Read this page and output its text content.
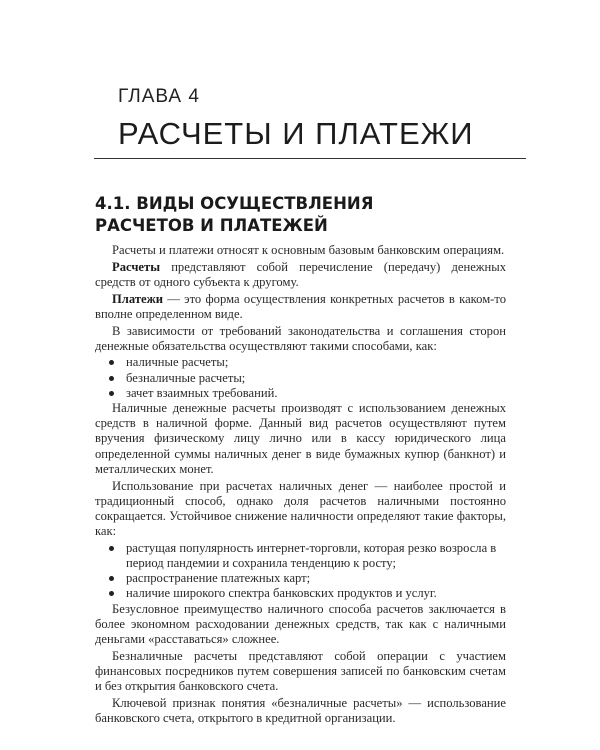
ГЛАВА 4
РАСЧЕТЫ И ПЛАТЕЖИ
4.1. ВИДЫ ОСУЩЕСТВЛЕНИЯ
РАСЧЕТОВ И ПЛАТЕЖЕЙ

Расчеты и платежи относят к основным базовым банковским операциям.

Расчеты представляют собой перечисление (передачу) денежных средств от одного субъекта к другому.

Платежи — это форма осуществления конкретных расчетов в каком-то вполне определенном виде.

В зависимости от требований законодательства и соглашения сторон денежные обязательства осуществляют такими способами, как:

наличные расчеты;
безналичные расчеты;
зачет взаимных требований.

Наличные денежные расчеты производят с использованием денежных средств в наличной форме. Данный вид расчетов осуществляют путем вручения физическому лицу лично или в кассу юридического лица определенной суммы наличных денег в виде бумажных купюр (банкнот) и металлических монет.

Использование при расчетах наличных денег — наиболее простой и традиционный способ, однако доля расчетов наличными постоянно сокращается. Устойчивое снижение наличности определяют такие факторы, как:

растущая популярность интернет-торговли, которая резко возросла в период пандемии и сохранила тенденцию к росту;
распространение платежных карт;
наличие широкого спектра банковских продуктов и услуг.

Безусловное преимущество наличного способа расчетов заключается в более экономном расходовании денежных средств, так как с наличными деньгами «расставаться» сложнее.

Безналичные расчеты представляют собой операции с участием финансовых посредников путем совершения записей по банковским счетам и без открытия банковского счета.

Ключевой признак понятия «безналичные расчеты» — использование банковского счета, открытого в кредитной организации.
